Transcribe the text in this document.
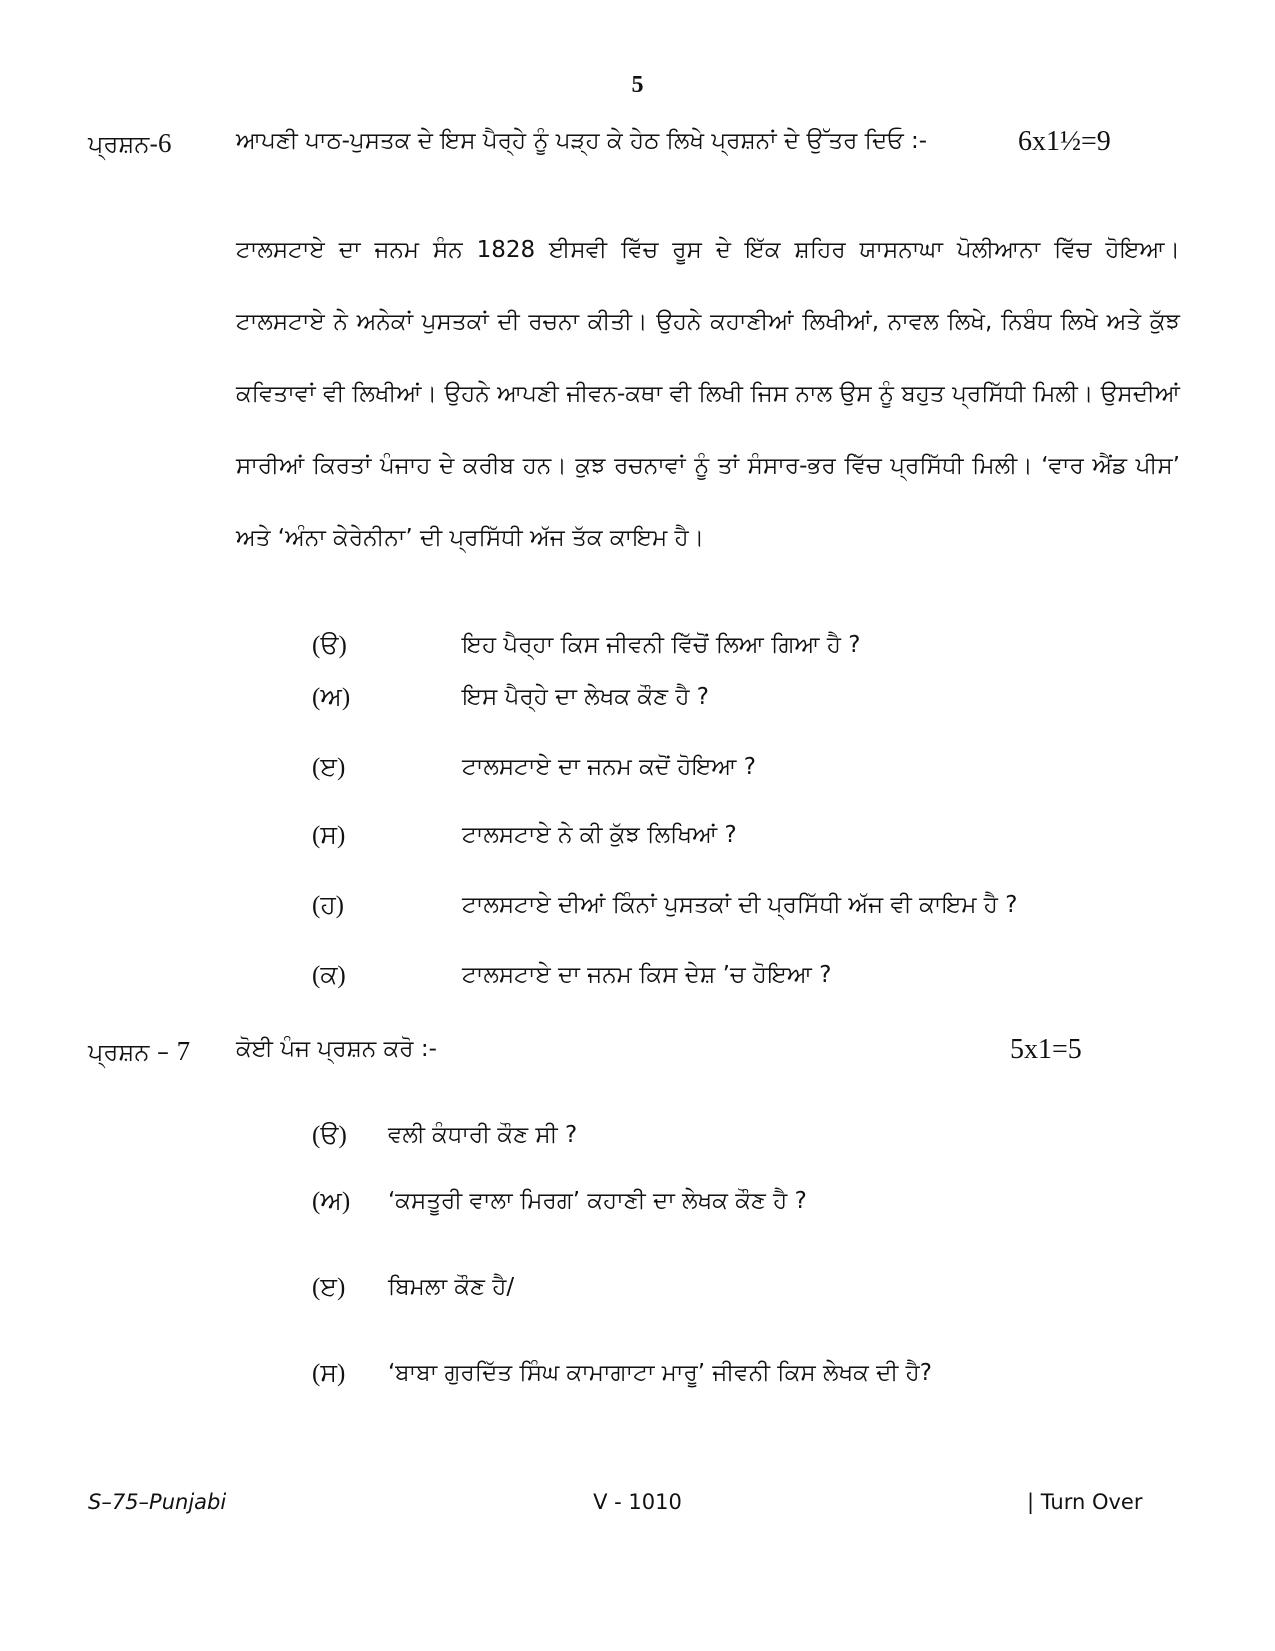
5
ਪ੍ਰਸ਼ਨ-6	ਆਪਣੀ ਪਾਠ-ਪੁਸਤਕ ਦੇ ਇਸ ਪੈਰ੍ਹੇ ਨੂੰ ਪੜ੍ਹ ਕੇ ਹੇਠ ਲਿਖੇ ਪ੍ਰਸ਼ਨਾਂ ਦੇ ਉੱਤਰ ਦਿਓ :-	6x1½=9

ਟਾਲਸਟਾਏ ਦਾ ਜਨਮ ਸੰਨ 1828 ਈਸਵੀ ਵਿੱਚ ਰੂਸ ਦੇ ਇੱਕ ਸ਼ਹਿਰ ਯਾਸਨਾਘਾ ਪੋਲੀਆਨਾ ਵਿੱਚ ਹੋਇਆ। ਟਾਲਸਟਾਏ ਨੇ ਅਨੇਕਾਂ ਪੁਸਤਕਾਂ ਦੀ ਰਚਨਾ ਕੀਤੀ। ਉਹਨੇ ਕਹਾਣੀਆਂ ਲਿਖੀਆਂ, ਨਾਵਲ ਲਿਖੇ, ਨਿਬੰਧ ਲਿਖੇ ਅਤੇ ਕੁੱਝ ਕਵਿਤਾਵਾਂ ਵੀ ਲਿਖੀਆਂ। ਉਹਨੇ ਆਪਣੀ ਜੀਵਨ-ਕਥਾ ਵੀ ਲਿਖੀ ਜਿਸ ਨਾਲ ਉਸ ਨੂੰ ਬਹੁਤ ਪ੍ਰਸਿੱਧੀ ਮਿਲੀ। ਉਸਦੀਆਂ ਸਾਰੀਆਂ ਕਿਰਤਾਂ ਪੰਜਾਹ ਦੇ ਕਰੀਬ ਹਨ। ਕੁਝ ਰਚਨਾਵਾਂ ਨੂੰ ਤਾਂ ਸੰਸਾਰ-ਭਰ ਵਿੱਚ ਪ੍ਰਸਿੱਧੀ ਮਿਲੀ। ‘ਵਾਰ ਐਂਡ ਪੀਸ’ ਅਤੇ ‘ਅੰਨਾ ਕੇਰੇਨੀਨਾ’ ਦੀ ਪ੍ਰਸਿੱਧੀ ਅੱਜ ਤੱਕ ਕਾਇਮ ਹੈ।

(ੳ)	ਇਹ ਪੈਰ੍ਹਾ ਕਿਸ ਜੀਵਨੀ ਵਿੱਚੋਂ ਲਿਆ ਗਿਆ ਹੈ ?
(ਅ)	ਇਸ ਪੈਰ੍ਹੇ ਦਾ ਲੇਖਕ ਕੌਣ ਹੈ ?
(ੲ)	ਟਾਲਸਟਾਏ ਦਾ ਜਨਮ ਕਦੋਂ ਹੋਇਆ ?
(ਸ)	ਟਾਲਸਟਾਏ ਨੇ ਕੀ ਕੁੱਝ ਲਿਖਿਆਂ ?
(ਹ)	ਟਾਲਸਟਾਏ ਦੀਆਂ ਕਿੰਨਾਂ ਪੁਸਤਕਾਂ ਦੀ ਪ੍ਰਸਿੱਧੀ ਅੱਜ ਵੀ ਕਾਇਮ ਹੈ ?
(ਕ)	ਟਾਲਸਟਾਏ ਦਾ ਜਨਮ ਕਿਸ ਦੇਸ਼ ’ਚ ਹੋਇਆ ?
ਪ੍ਰਸ਼ਨ – 7 ਕੋਈ ਪੰਜ ਪ੍ਰਸ਼ਨ ਕਰੋ :-	5x1=5
(ੳ) ਵਲੀ ਕੰਧਾਰੀ ਕੌਣ ਸੀ ?
(ਅ) ‘ਕਸਤੂਰੀ ਵਾਲਾ ਮਿਰਗ’ ਕਹਾਣੀ ਦਾ ਲੇਖਕ ਕੌਣ ਹੈ ?
(ੲ) ਬਿਮਲਾ ਕੌਣ ਹੈ/
(ਸ) ‘ਬਾਬਾ ਗੁਰਦਿੱਤ ਸਿੰਘ ਕਾਮਾਗਾਟਾ ਮਾਰੂ’ ਜੀਵਨੀ ਕਿਸ ਲੇਖਕ ਦੀ ਹੈ?
S–75–Punjabi	V - 1010	| Turn Over
